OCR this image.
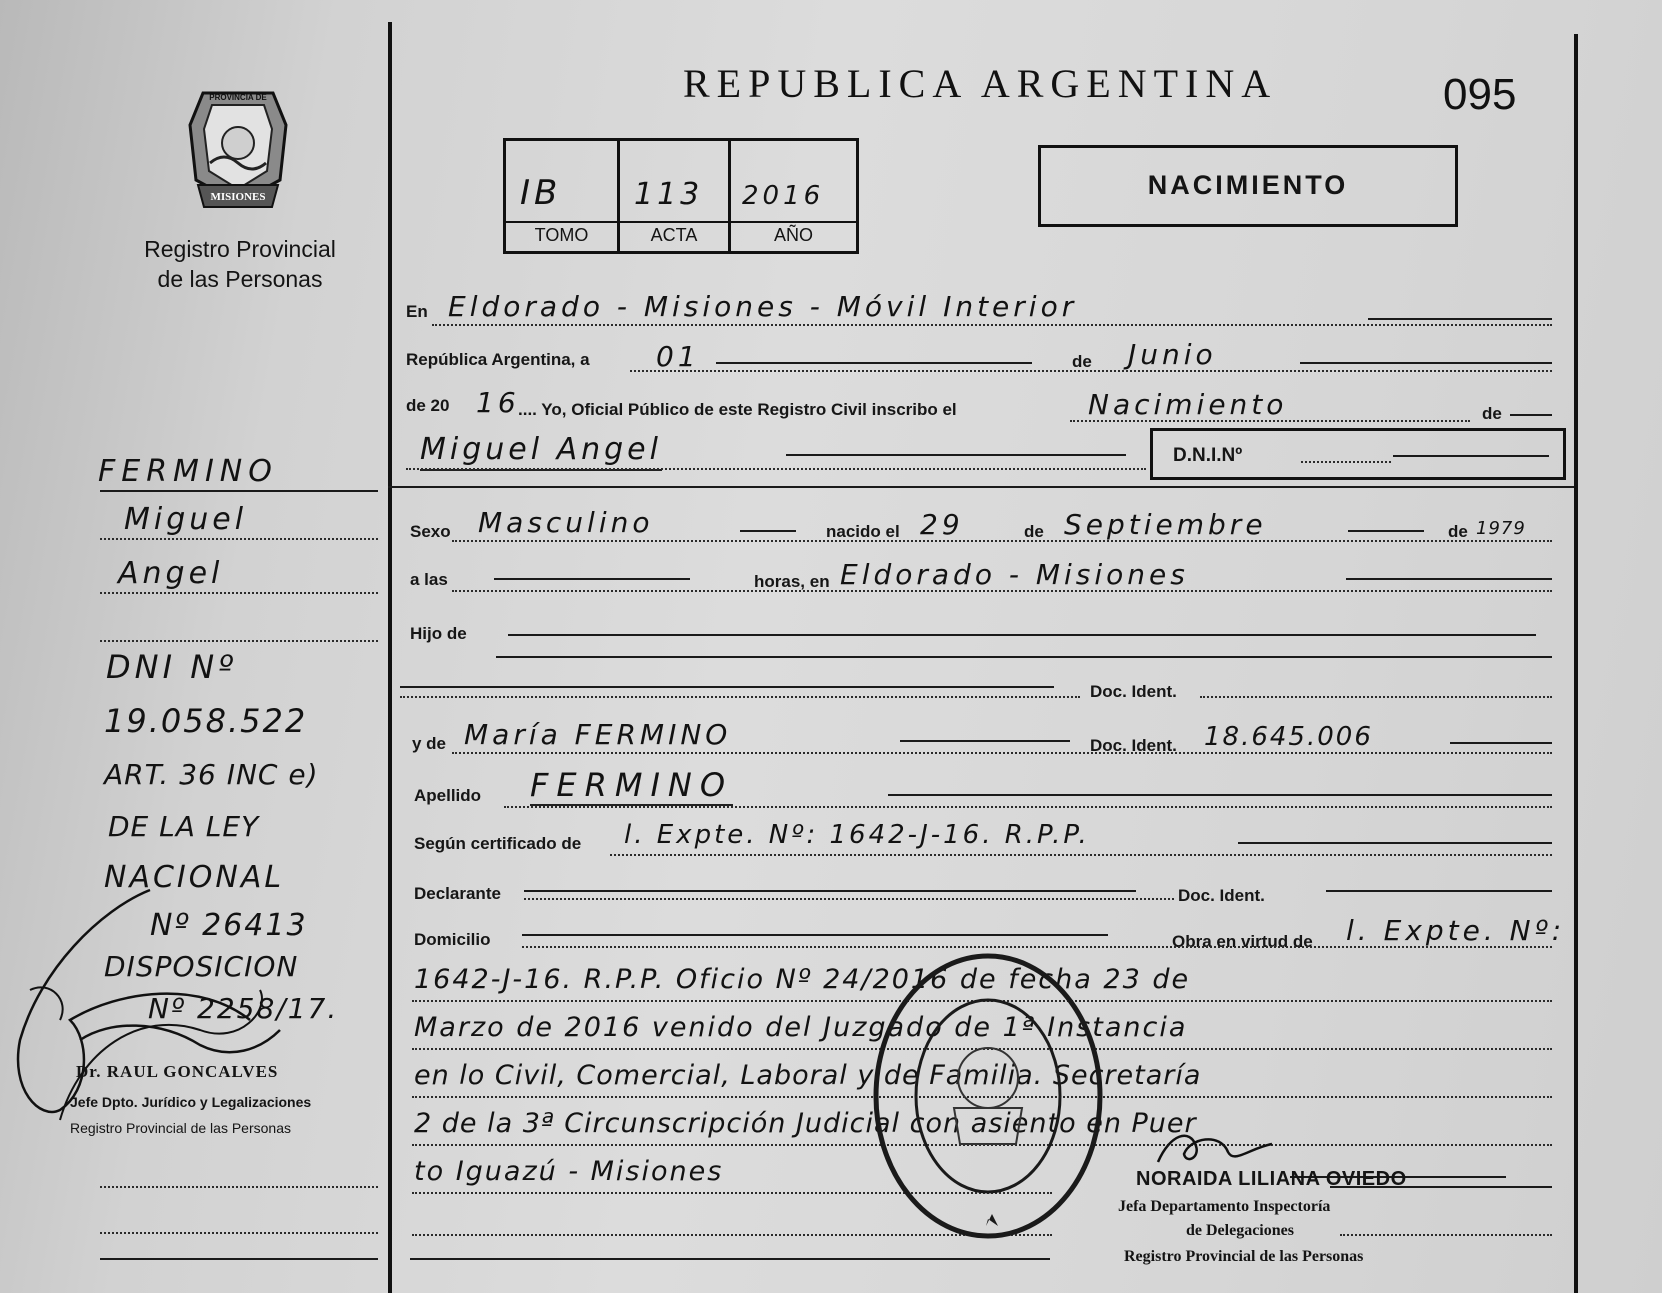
REPUBLICA ARGENTINA	095
PROVINCIA DE
MISIONES
Registro Provincial
de las Personas
IB 113 2016
TOMO	ACTA	AÑO
NACIMIENTO
FERMINO
Miguel
Angel
DNI Nº
19.058.522
ART. 36 INC e)
DE LA LEY
NACIONAL
Nº 26413
DISPOSICION
Nº 2258/17.
Dr. RAUL GONCALVES
Jefe Dpto. Jurídico y Legalizaciones
Registro Provincial de las Personas
En Eldorado - Misiones - Móvil Interior
República Argentina, a 01	de Junio
de 20 16
.... Yo, Oficial Público de este Registro Civil inscribo el	Nacimiento	de
Miguel Angel	D.N.I.Nº
Sexo Masculino	nacido el 29	de Septiembre	de 1979
a las	horas, en Eldorado - Misiones
Hijo de
Doc. Ident.
y de María FERMINO	Doc. Ident. 18.645.006
Apellido FERMINO
Según certificado de l. Expte. Nº: 1642-J-16. R.P.P.
Declarante	Doc. Ident.
Domicilio	Obra en virtud de l. Expte. Nº:
1642-J-16. R.P.P. Oficio Nº 24/2016 de fecha 23 de
Marzo de 2016 venido del Juzgado de 1ª Instancia
en lo Civil, Comercial, Laboral y de Familia. Secretaría
2 de la 3ª Circunscripción Judicial con asiento en Puer
to Iguazú - Misiones	NORAIDA LILIANA OVIEDO
Jefa Departamento Inspectoría
de Delegaciones
Registro Provincial de las Personas
